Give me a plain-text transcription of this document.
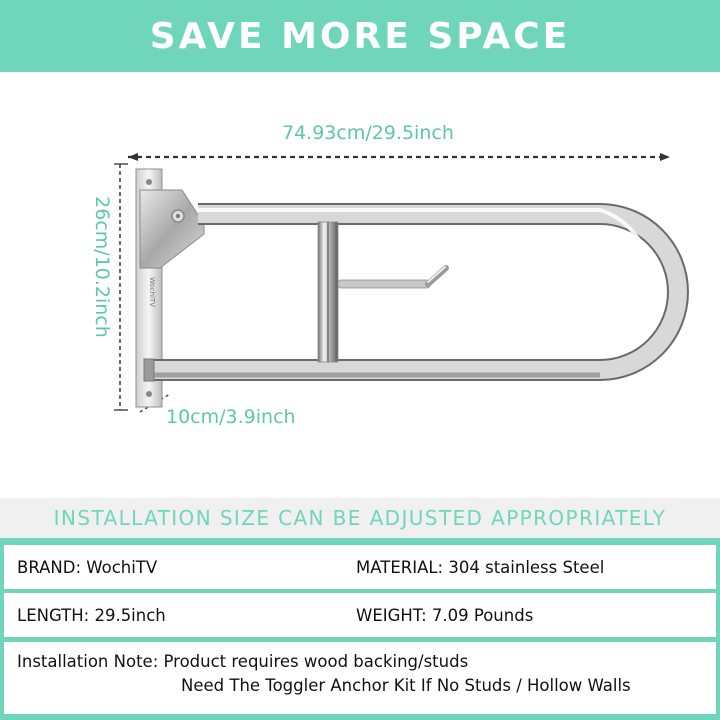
SAVE MORE SPACE
WochiTV
74.93cm/29.5inch
26cm/10.2inch
10cm/3.9inch
INSTALLATION SIZE CAN BE ADJUSTED APPROPRIATELY
BRAND: WochiTV	MATERIAL: 304 stainless Steel
LENGTH: 29.5inch	WEIGHT: 7.09 Pounds
Installation Note: Product requires wood backing/studs
Need The Toggler Anchor Kit If No Studs / Hollow Walls
